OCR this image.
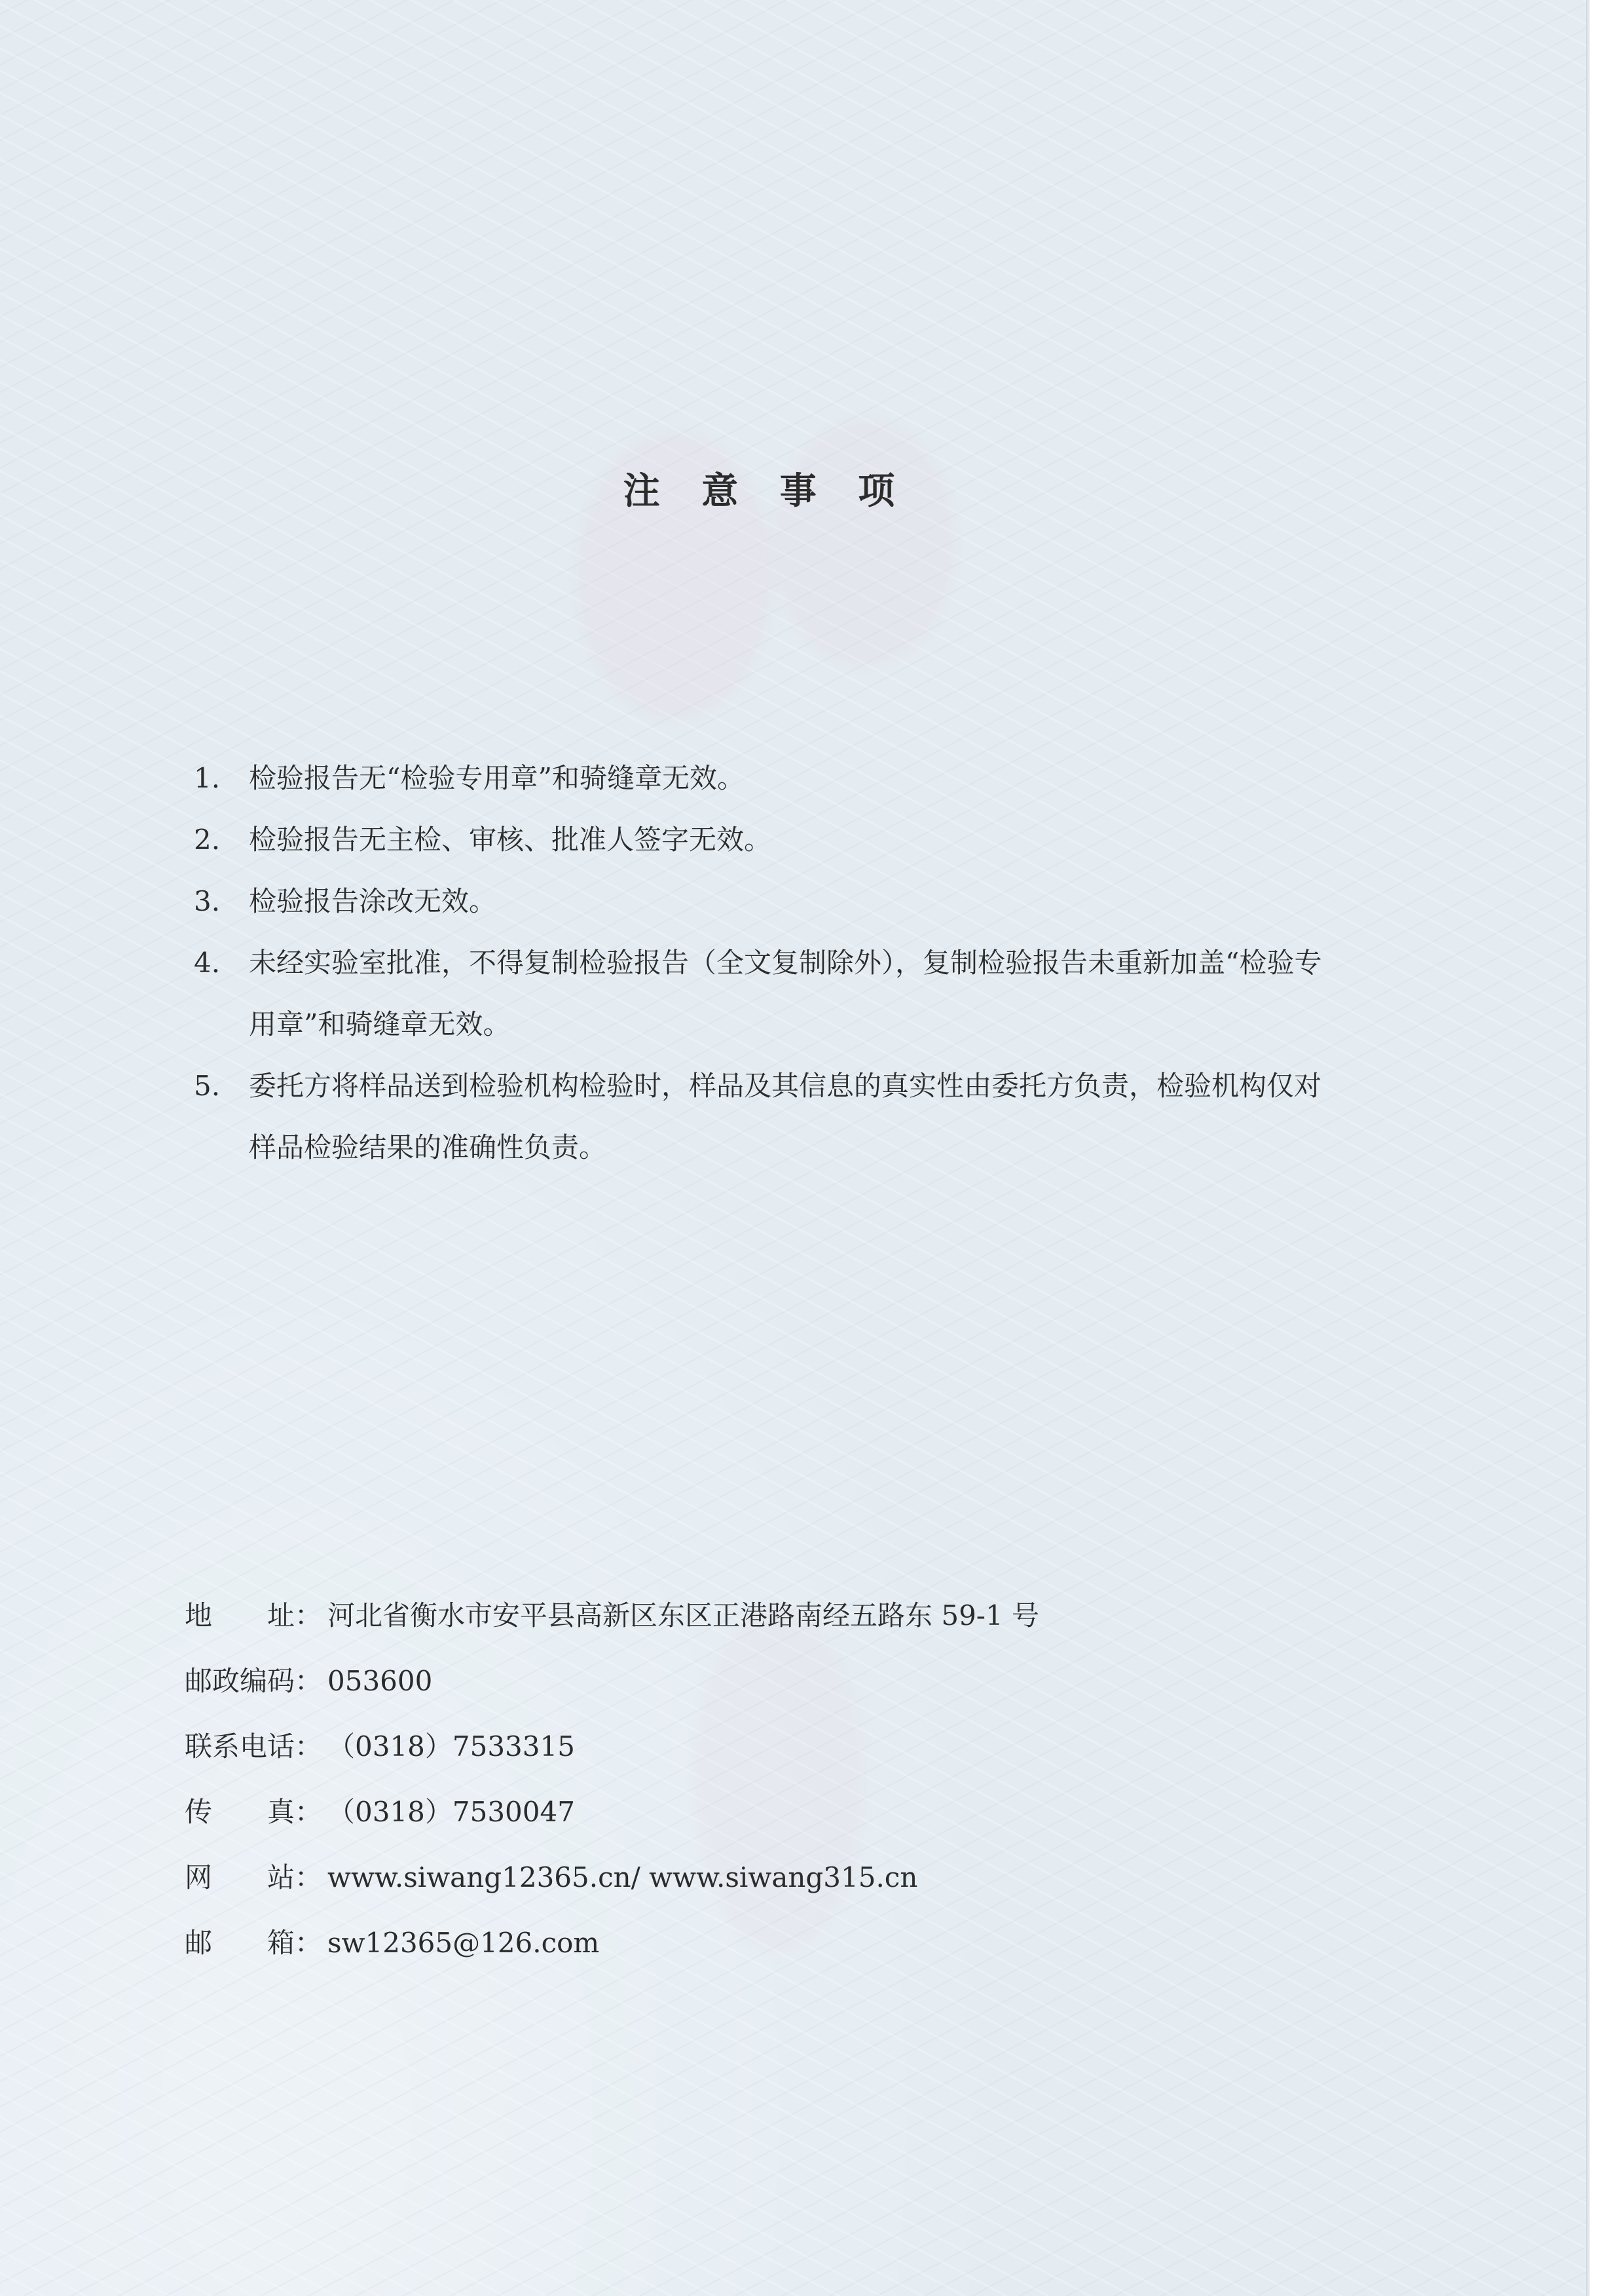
注 意 事 项
1. 检验报告无“检验专用章”和骑缝章无效。
2. 检验报告无主检、审核、批准人签字无效。
3. 检验报告涂改无效。
4. 未经实验室批准，不得复制检验报告（全文复制除外），复制检验报告未重新加盖“检验专用章”和骑缝章无效。
5. 委托方将样品送到检验机构检验时，样品及其信息的真实性由委托方负责，检验机构仅对样品检验结果的准确性负责。
地　　址： 河北省衡水市安平县高新区东区正港路南经五路东 59-1 号
邮政编码： 053600
联系电话： （0318）7533315
传　　真： （0318）7530047
网　　站： www.siwang12365.cn/ www.siwang315.cn
邮　　箱： sw12365@126.com
